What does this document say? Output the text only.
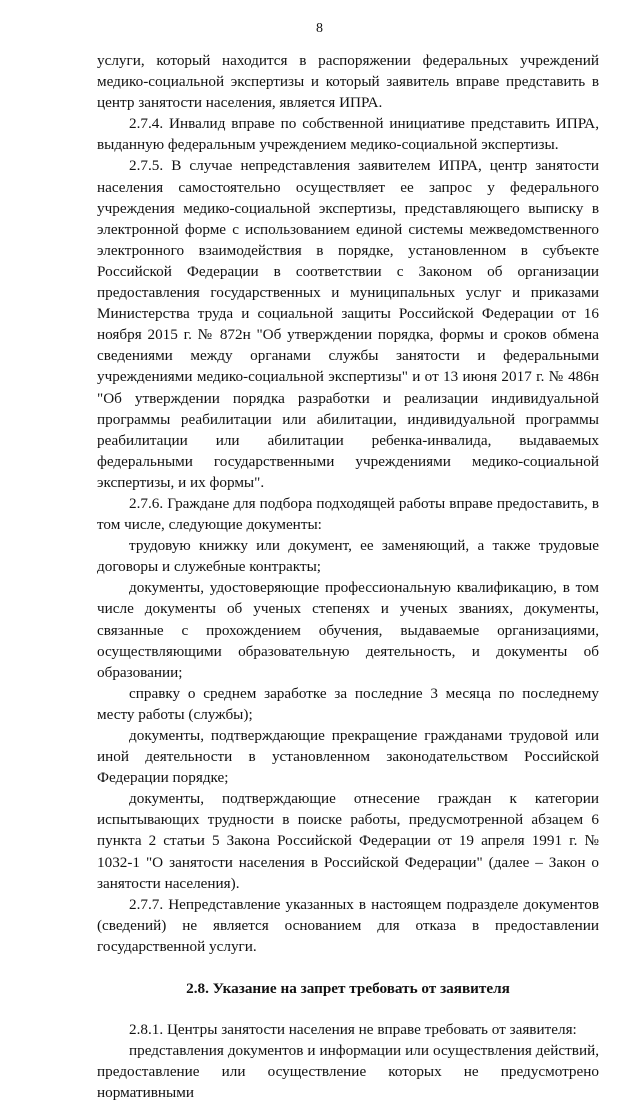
8

услуги, который находится в распоряжении федеральных учреждений медико-социальной экспертизы и который заявитель вправе представить в центр занятости населения, является ИПРА.

2.7.4. Инвалид вправе по собственной инициативе представить ИПРА, выданную федеральным учреждением медико-социальной экспертизы.

2.7.5. В случае непредставления заявителем ИПРА, центр занятости населения самостоятельно осуществляет ее запрос у федерального учреждения медико-социальной экспертизы, представляющего выписку в электронной форме с использованием единой системы межведомственного электронного взаимодействия в порядке, установленном в субъекте Российской Федерации в соответствии с Законом об организации предоставления государственных и муниципальных услуг и приказами Министерства труда и социальной защиты Российской Федерации от 16 ноября 2015 г. № 872н "Об утверждении порядка, формы и сроков обмена сведениями между органами службы занятости и федеральными учреждениями медико-социальной экспертизы" и от 13 июня 2017 г. № 486н "Об утверждении порядка разработки и реализации индивидуальной программы реабилитации или абилитации, индивидуальной программы реабилитации или абилитации ребенка-инвалида, выдаваемых федеральными государственными учреждениями медико-социальной экспертизы, и их формы".

2.7.6. Граждане для подбора подходящей работы вправе предоставить, в том числе, следующие документы:

трудовую книжку или документ, ее заменяющий, а также трудовые договоры и служебные контракты;

документы, удостоверяющие профессиональную квалификацию, в том числе документы об ученых степенях и ученых званиях, документы, связанные с прохождением обучения, выдаваемые организациями, осуществляющими образовательную деятельность, и документы об образовании;

справку о среднем заработке за последние 3 месяца по последнему месту работы (службы);

документы, подтверждающие прекращение гражданами трудовой или иной деятельности в установленном законодательством Российской Федерации порядке;

документы, подтверждающие отнесение граждан к категории испытывающих трудности в поиске работы, предусмотренной абзацем 6 пункта 2 статьи 5 Закона Российской Федерации от 19 апреля 1991 г. № 1032-1 "О занятости населения в Российской Федерации" (далее – Закон о занятости населения).

2.7.7. Непредставление указанных в настоящем подразделе документов (сведений) не является основанием для отказа в предоставлении государственной услуги.

2.8. Указание на запрет требовать от заявителя

2.8.1. Центры занятости населения не вправе требовать от заявителя:

представления документов и информации или осуществления действий, предоставление или осуществление которых не предусмотрено нормативными
